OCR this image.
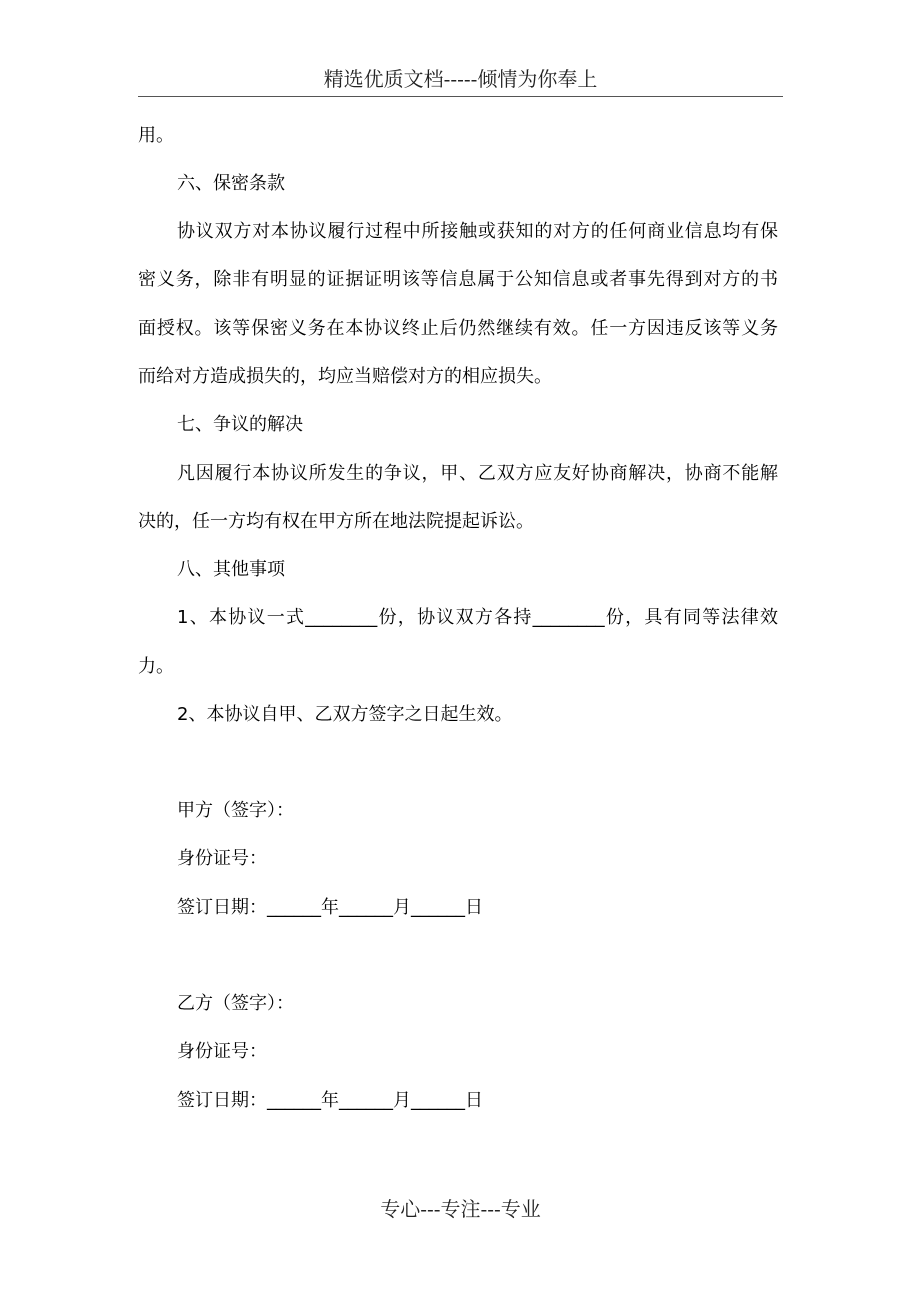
精选优质文档-----倾情为你奉上
用。
六、保密条款
协议双方对本协议履行过程中所接触或获知的对方的任何商业信息均有保
密义务，除非有明显的证据证明该等信息属于公知信息或者事先得到对方的书
面授权。该等保密义务在本协议终止后仍然继续有效。任一方因违反该等义务
而给对方造成损失的，均应当赔偿对方的相应损失。
七、争议的解决
凡因履行本协议所发生的争议，甲、乙双方应友好协商解决，协商不能解
决的，任一方均有权在甲方所在地法院提起诉讼。
八、其他事项
1、本协议一式________份，协议双方各持________份，具有同等法律效
力。
2、本协议自甲、乙双方签字之日起生效。
甲方（签字）：
身份证号：
签订日期：______年______月______日
乙方（签字）：
身份证号：
签订日期：______年______月______日
专心---专注---专业
